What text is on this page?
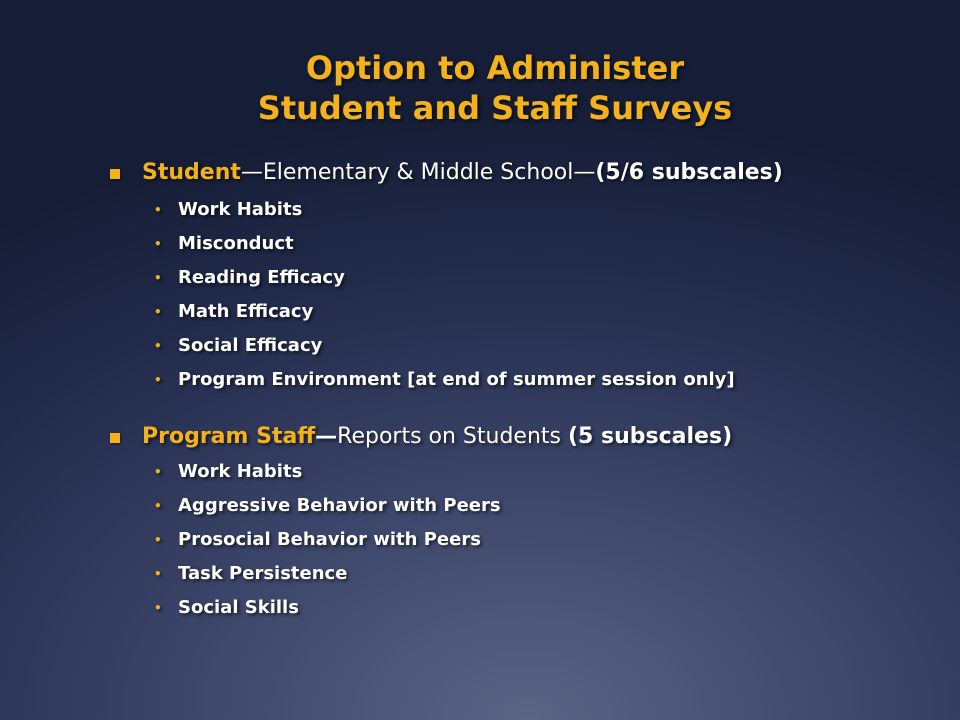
Option to Administer
Student and Staff Surveys
Student—Elementary & Middle School—(5/6 subscales)
• Work Habits
• Misconduct
• Reading Efficacy
• Math Efficacy
• Social Efficacy
• Program Environment [at end of summer session only]
Program Staff—Reports on Students (5 subscales)
• Work Habits
• Aggressive Behavior with Peers
• Prosocial Behavior with Peers
• Task Persistence
• Social Skills
